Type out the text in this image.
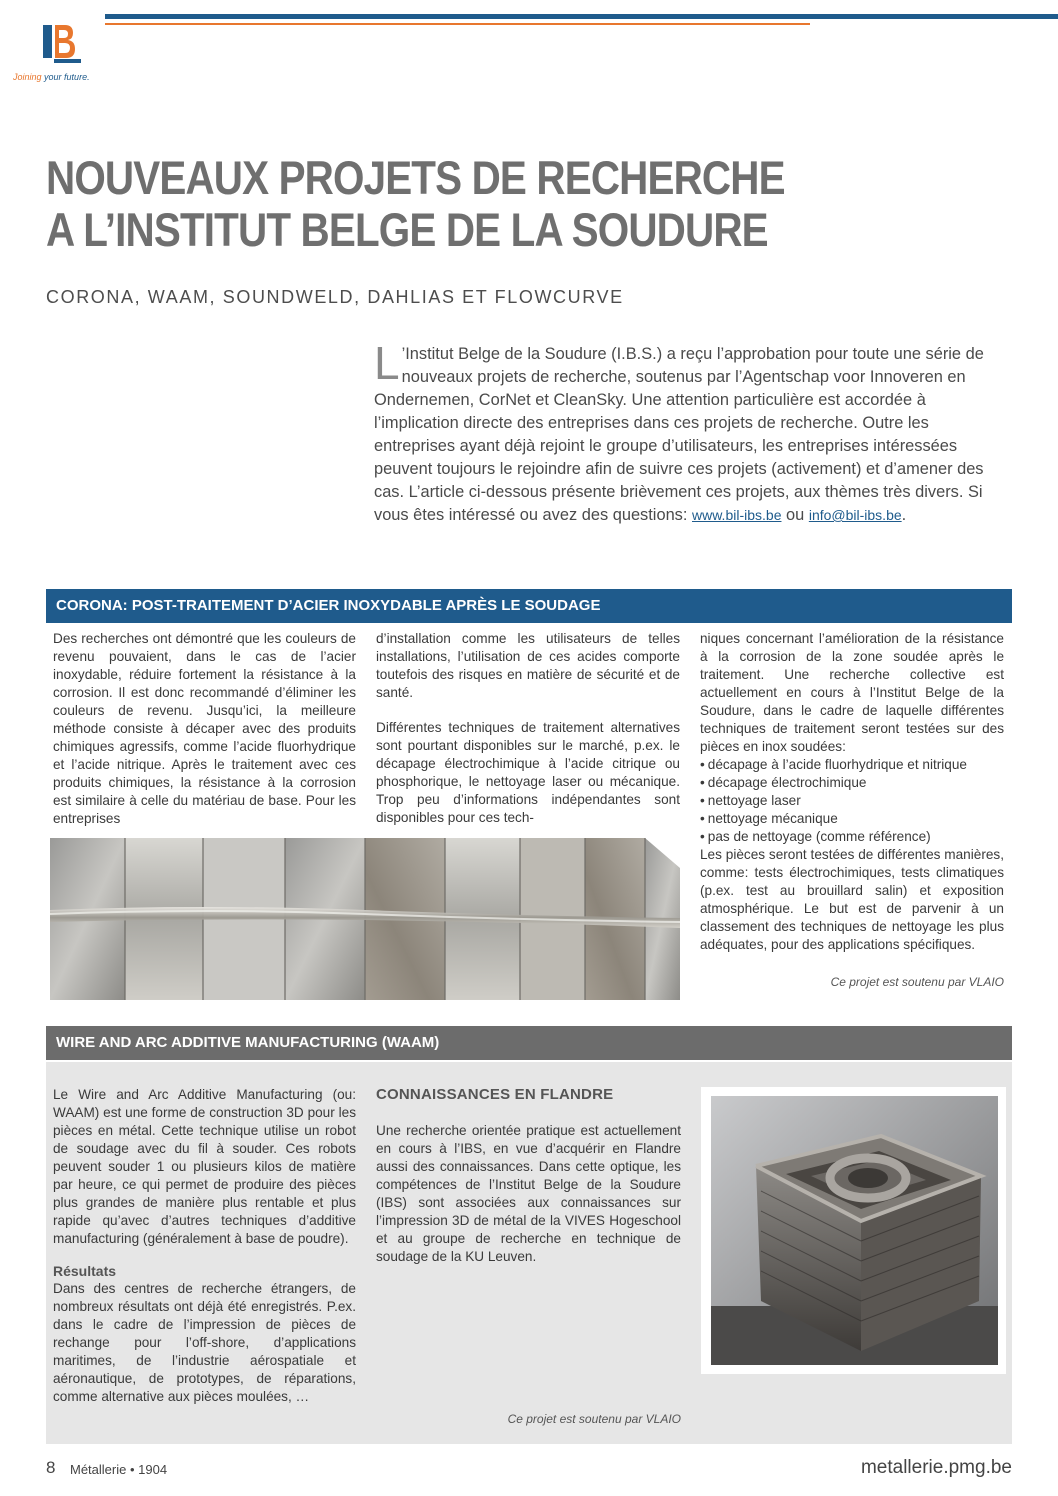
Joining your future.
NOUVEAUX PROJETS DE RECHERCHE
A L’INSTITUT BELGE DE LA SOUDURE
CORONA, WAAM, SOUNDWELD, DAHLIAS ET FLOWCURVE
L ’Institut Belge de la Soudure (I.B.S.) a reçu l’approbation pour toute une série de nouveaux projets de recherche, soutenus par l’Agentschap voor Innoveren en Ondernemen, CorNet et CleanSky. Une attention particulière est accordée à l’implication directe des entreprises dans ces projets de recherche. Outre les entreprises ayant déjà rejoint le groupe d’utilisateurs, les entreprises intéressées peuvent toujours le rejoindre afin de suivre ces projets (activement) et d’amener des cas. L’article ci-dessous présente brièvement ces projets, aux thèmes très divers. Si vous êtes intéressé ou avez des questions: www.bil-ibs.be ou info@bil-ibs.be.
CORONA: POST-TRAITEMENT D’ACIER INOXYDABLE APRÈS LE SOUDAGE

Des recherches ont démontré que les couleurs de revenu pouvaient, dans le cas de l’acier inoxydable, réduire fortement la résistance à la corrosion. Il est donc recommandé d’éliminer les couleurs de revenu. Jusqu’ici, la meilleure méthode consiste à décaper avec des produits chimiques agressifs, comme l’acide fluorhydrique et l’acide nitrique. Après le traitement avec ces produits chimiques, la résistance à la corrosion est similaire à celle du matériau de base. Pour les entreprises

d’installation comme les utilisateurs de telles installations, l’utilisation de ces acides comporte toutefois des risques en matière de sécurité et de santé.

Différentes techniques de traitement alternatives sont pourtant disponibles sur le marché, p.ex. le décapage électrochimique à l’acide citrique ou phosphorique, le nettoyage laser ou mécanique. Trop peu d’informations indépendantes sont disponibles pour ces tech-

niques concernant l’amélioration de la résistance à la corrosion de la zone soudée après le traitement. Une recherche collective est actuellement en cours à l’Institut Belge de la Soudure, dans le cadre de laquelle différentes techniques de traitement seront testées sur des pièces en inox soudées:
• décapage à l’acide fluorhydrique et nitrique
• décapage électrochimique
• nettoyage laser
• nettoyage mécanique
• pas de nettoyage (comme référence)
Les pièces seront testées de différentes manières, comme: tests électrochimiques, tests climatiques (p.ex. test au brouillard salin) et exposition atmosphérique. Le but est de parvenir à un classement des techniques de nettoyage les plus adéquates, pour des applications spécifiques.
Ce projet est soutenu par VLAIO
WIRE AND ARC ADDITIVE MANUFACTURING (WAAM)
Le Wire and Arc Additive Manufacturing (ou: WAAM) est une forme de construction 3D pour les pièces en métal. Cette technique utilise un robot de soudage avec du fil à souder. Ces robots peuvent souder 1 ou plusieurs kilos de matière par heure, ce qui permet de produire des pièces plus grandes de manière plus rentable et plus rapide qu’avec d’autres techniques d’additive manufacturing (généralement à base de poudre).
Résultats
Dans des centres de recherche étrangers, de nombreux résultats ont déjà été enregistrés. P.ex. dans le cadre de l’impression de pièces de rechange pour l’off-shore, d’applications maritimes, de l’industrie aérospatiale et aéronautique, de prototypes, de réparations, comme alternative aux pièces moulées, …
CONNAISSANCES EN FLANDRE
Une recherche orientée pratique est actuellement en cours à l’IBS, en vue d’acquérir en Flandre aussi des connaissances. Dans cette optique, les compétences de l’Institut Belge de la Soudure (IBS) sont associées aux connaissances sur l’impression 3D de métal de la VIVES Hogeschool et au groupe de recherche en technique de soudage de la KU Leuven.
Ce projet est soutenu par VLAIO
8 Métallerie • 1904	metallerie.pmg.be
